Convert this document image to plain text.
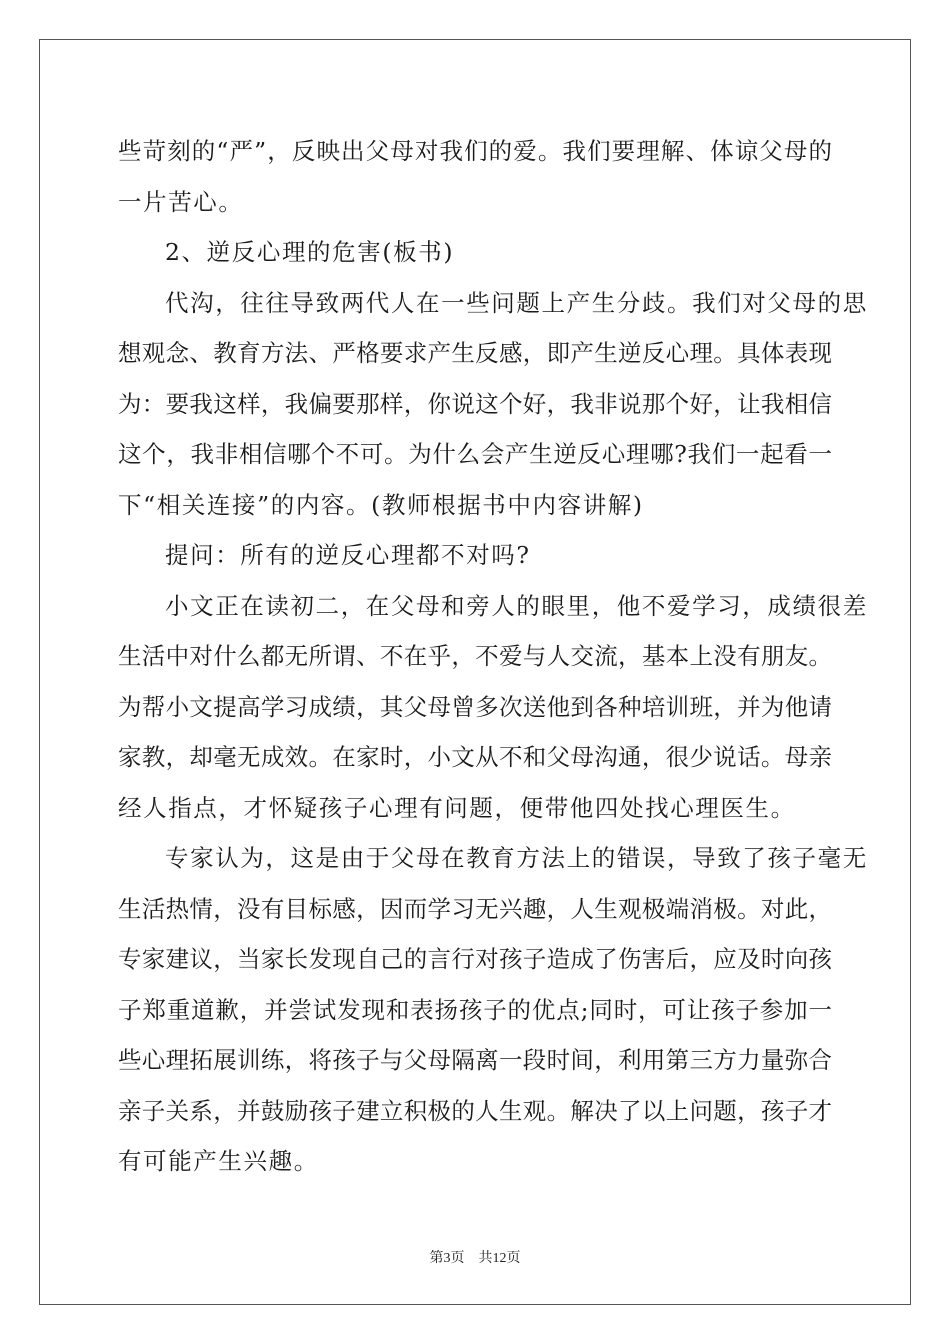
些苛刻的“严”，反映出父母对我们的爱。我们要理解、体谅父母的
一片苦心。
2、逆反心理的危害(板书)
代沟，往往导致两代人在一些问题上产生分歧。我们对父母的思
想观念、教育方法、严格要求产生反感，即产生逆反心理。具体表现
为：要我这样，我偏要那样，你说这个好，我非说那个好，让我相信
这个，我非相信哪个不可。为什么会产生逆反心理哪?我们一起看一
下“相关连接”的内容。(教师根据书中内容讲解)
提问：所有的逆反心理都不对吗?
小文正在读初二，在父母和旁人的眼里，他不爱学习，成绩很差
生活中对什么都无所谓、不在乎，不爱与人交流，基本上没有朋友。
为帮小文提高学习成绩，其父母曾多次送他到各种培训班，并为他请
家教，却毫无成效。在家时，小文从不和父母沟通，很少说话。母亲
经人指点，才怀疑孩子心理有问题，便带他四处找心理医生。
专家认为，这是由于父母在教育方法上的错误，导致了孩子毫无
生活热情，没有目标感，因而学习无兴趣，人生观极端消极。对此，
专家建议，当家长发现自己的言行对孩子造成了伤害后，应及时向孩
子郑重道歉，并尝试发现和表扬孩子的优点;同时，可让孩子参加一
些心理拓展训练，将孩子与父母隔离一段时间，利用第三方力量弥合
亲子关系，并鼓励孩子建立积极的人生观。解决了以上问题，孩子才
有可能产生兴趣。
第3页 共12页
